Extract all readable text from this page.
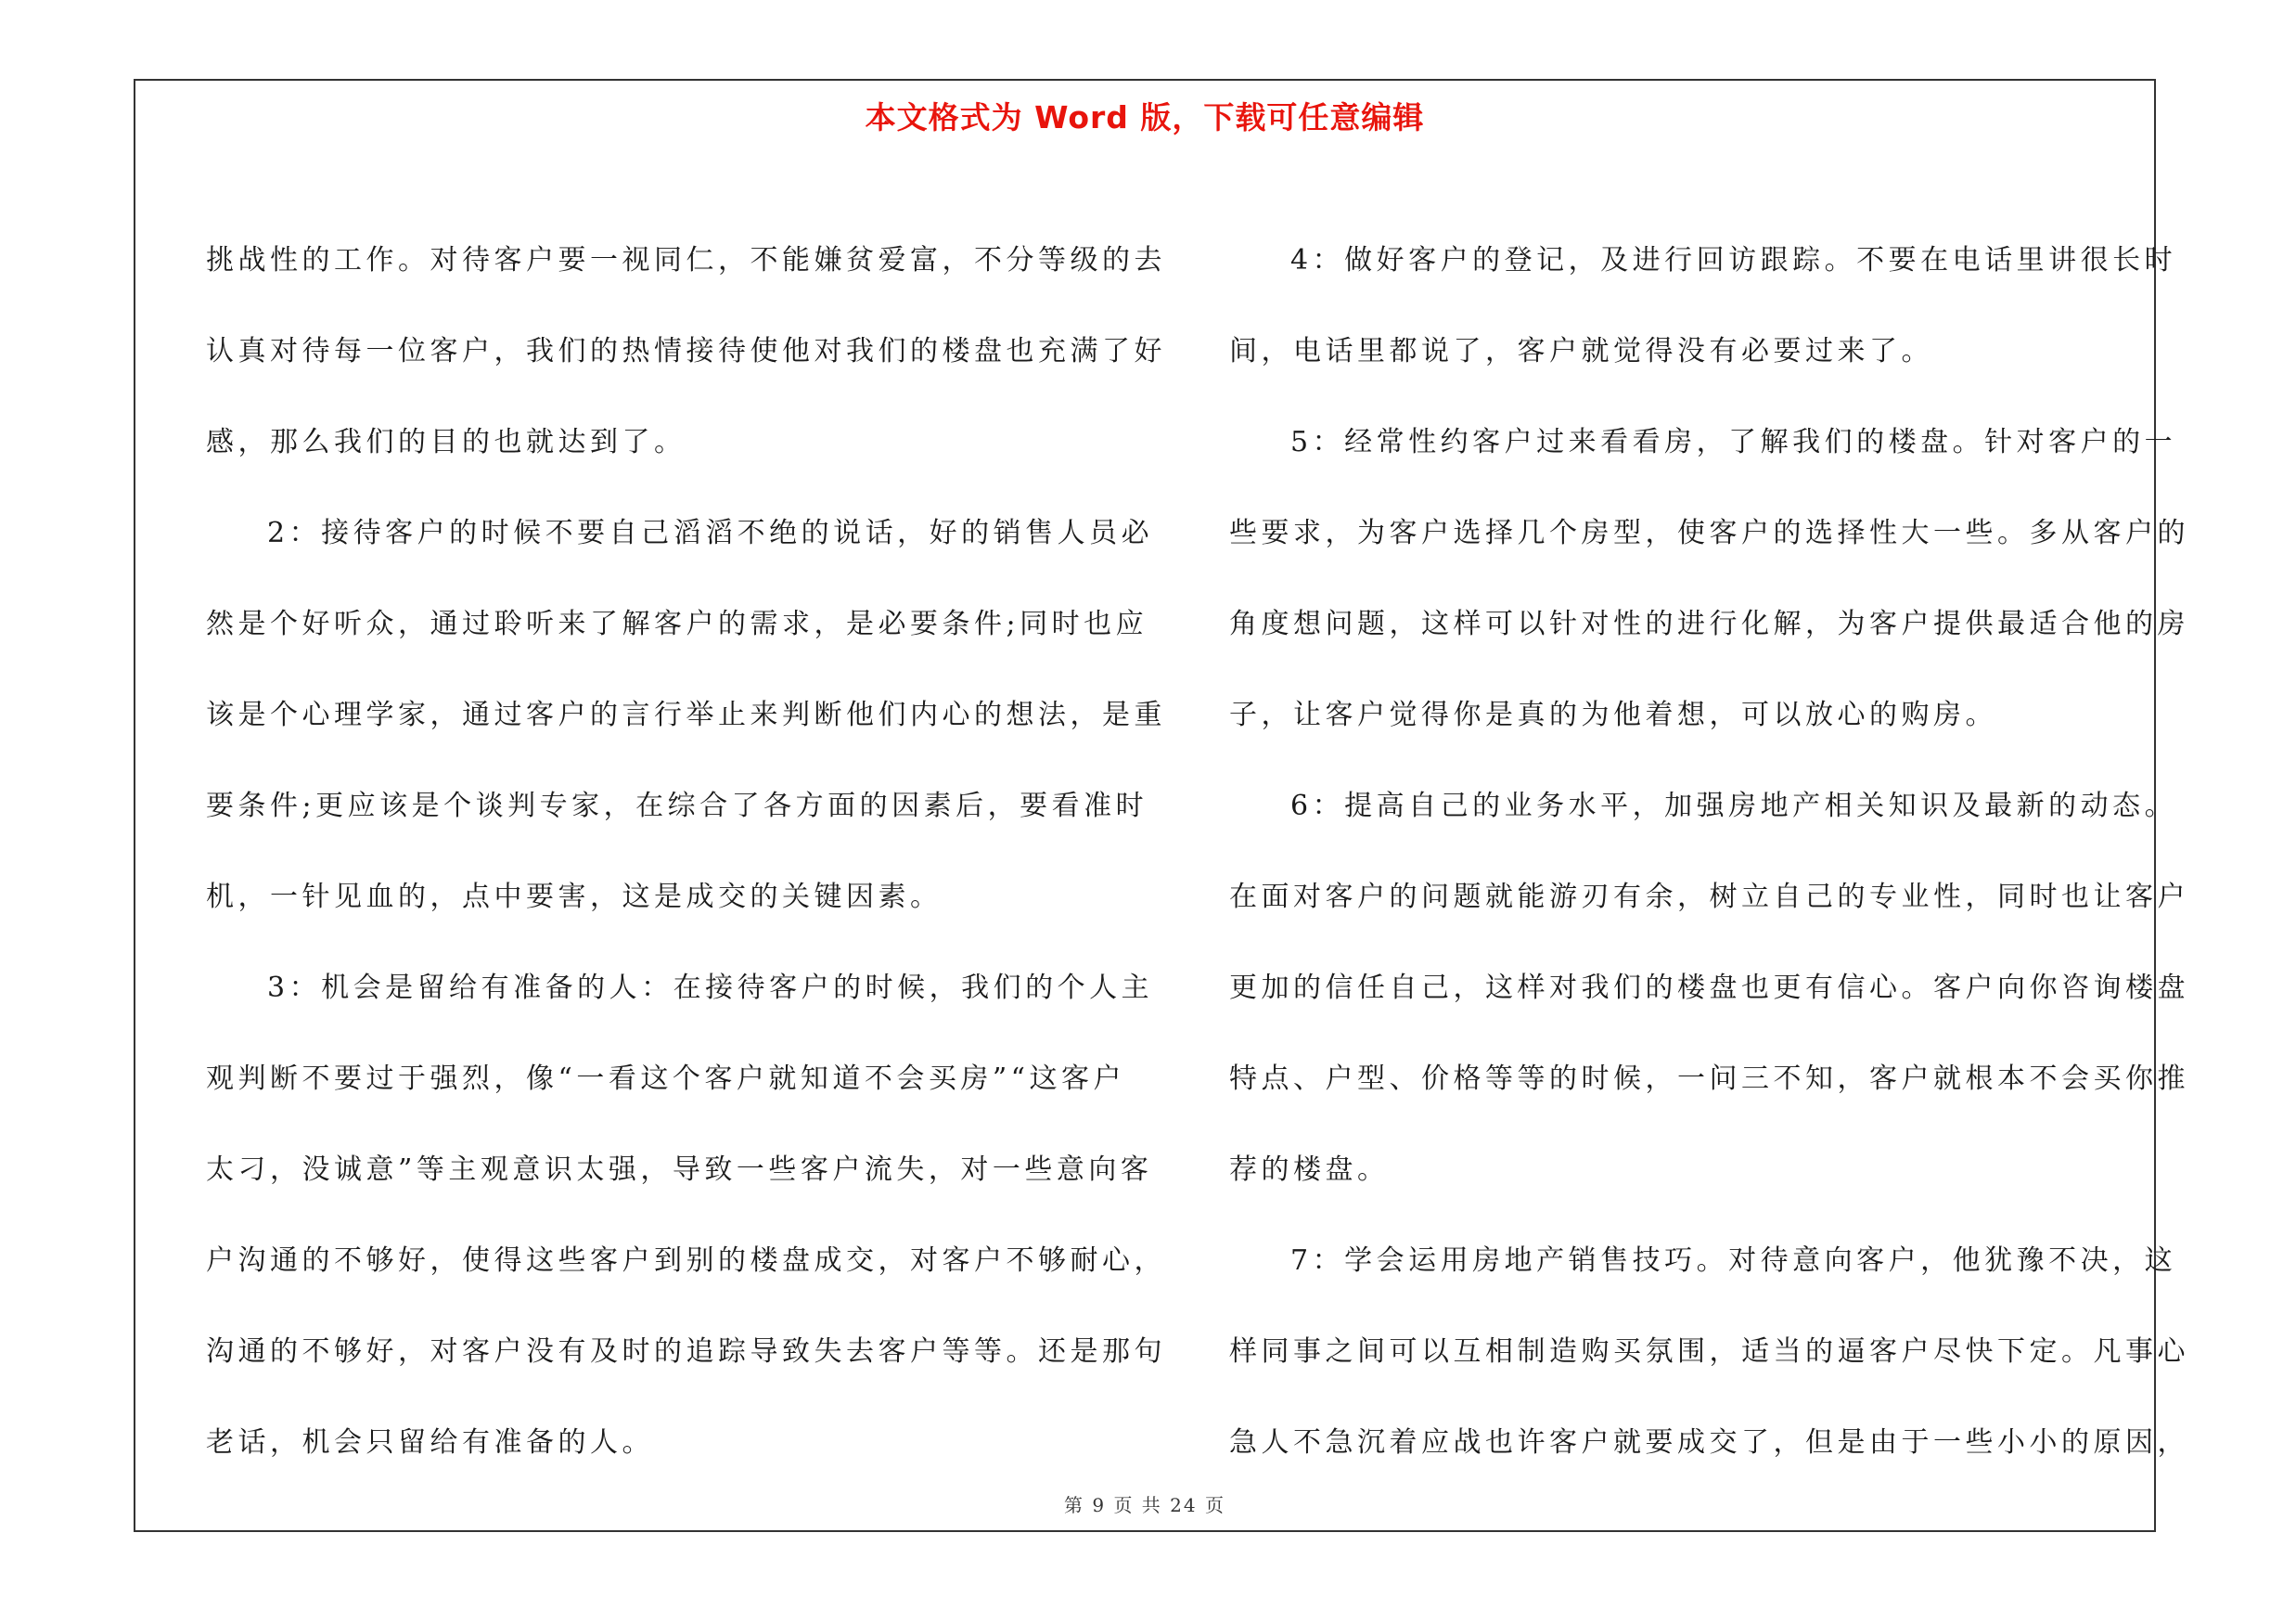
本文格式为 Word 版，下载可任意编辑
挑战性的工作。对待客户要一视同仁，不能嫌贫爱富，不分等级的去
认真对待每一位客户，我们的热情接待使他对我们的楼盘也充满了好
感，那么我们的目的也就达到了。
2：接待客户的时候不要自己滔滔不绝的说话，好的销售人员必
然是个好听众，通过聆听来了解客户的需求，是必要条件;同时也应
该是个心理学家，通过客户的言行举止来判断他们内心的想法，是重
要条件;更应该是个谈判专家，在综合了各方面的因素后，要看准时
机，一针见血的，点中要害，这是成交的关键因素。
3：机会是留给有准备的人：在接待客户的时候，我们的个人主
观判断不要过于强烈，像“一看这个客户就知道不会买房”“这客户
太刁，没诚意”等主观意识太强，导致一些客户流失，对一些意向客
户沟通的不够好，使得这些客户到别的楼盘成交，对客户不够耐心，
沟通的不够好，对客户没有及时的追踪导致失去客户等等。还是那句
老话，机会只留给有准备的人。
4：做好客户的登记，及进行回访跟踪。不要在电话里讲很长时
间，电话里都说了，客户就觉得没有必要过来了。
5：经常性约客户过来看看房，了解我们的楼盘。针对客户的一
些要求，为客户选择几个房型，使客户的选择性大一些。多从客户的
角度想问题，这样可以针对性的进行化解，为客户提供最适合他的房
子，让客户觉得你是真的为他着想，可以放心的购房。
6：提高自己的业务水平，加强房地产相关知识及最新的动态。
在面对客户的问题就能游刃有余，树立自己的专业性，同时也让客户
更加的信任自己，这样对我们的楼盘也更有信心。客户向你咨询楼盘
特点、户型、价格等等的时候，一问三不知，客户就根本不会买你推
荐的楼盘。
7：学会运用房地产销售技巧。对待意向客户，他犹豫不决，这
样同事之间可以互相制造购买氛围，适当的逼客户尽快下定。凡事心
急人不急沉着应战也许客户就要成交了，但是由于一些小小的原因，
第 9 页 共 24 页
